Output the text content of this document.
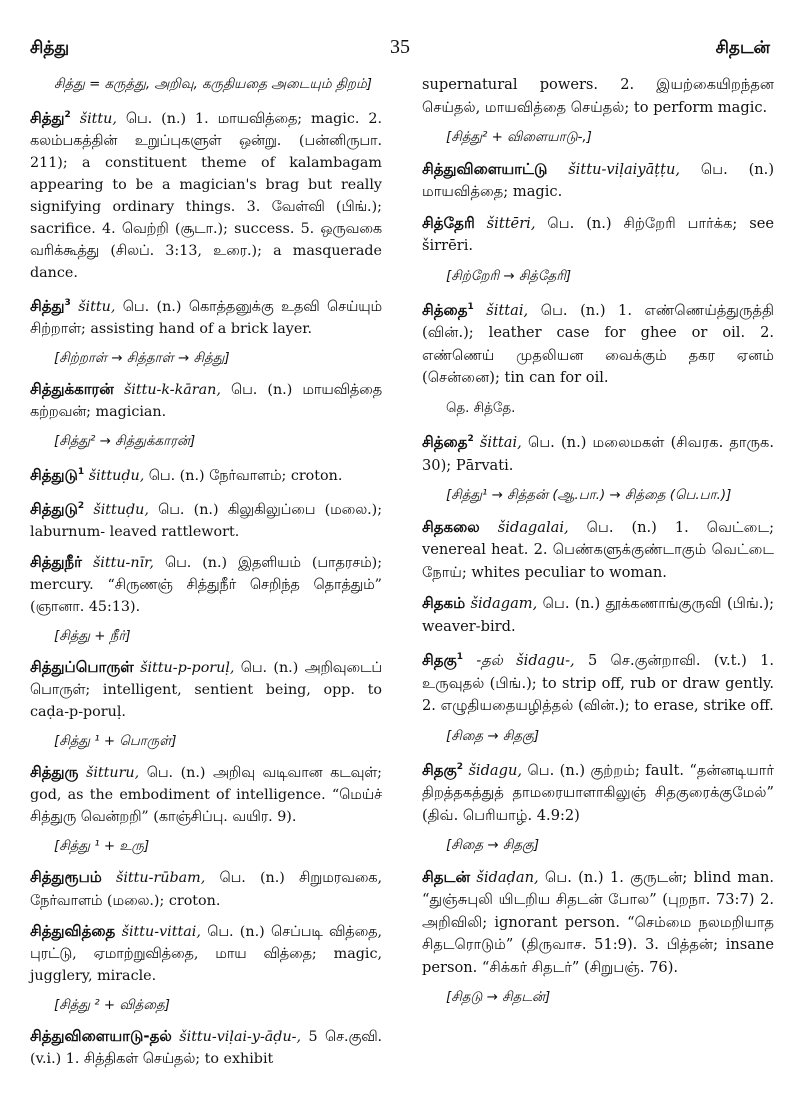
சித்து	35	சிதடன்
சித்து = கருத்து, அறிவு, கருதியதை அடையும் திறம்]
சித்து$^2$ šittu, பெ. (n.) 1. மாயவித்தை; magic. 2. கலம்பகத்தின் உறுப்புகளுள் ஒன்று. (பன்னிருபா. 211); a constituent theme of kalambagam appearing to be a magician's brag but really signifying ordinary things. 3. வேள்வி (பிங்.); sacrifice. 4. வெற்றி (சூடா.); success. 5. ஒருவகை வரிக்கூத்து (சிலப். 3:13, உரை.); a masquerade dance.
சித்து$^3$ šittu, பெ. (n.) கொத்தனுக்கு உதவி செய்யும் சிற்றாள்; assisting hand of a brick layer.
[சிற்றாள் → சித்தாள் → சித்து]
சித்துக்காரன் šittu-k-kāran, பெ. (n.) மாயவித்தை கற்றவன்; magician.
[சித்து² → சித்துக்காரன்]
சித்துடு$^1$ šittuḍu, பெ. (n.) நேர்வாளம்; croton.
சித்துடு$^2$ šittuḍu, பெ. (n.) கிலுகிலுப்பை (மலை.); laburnum- leaved rattlewort.
சித்துநீர் šittu-nīr, பெ. (n.) இதளியம் (பாதரசம்); mercury. “சிருணஞ் சித்துநீர் செறிந்த தொத்தும்” (ஞானா. 45:13).
[சித்து + நீர்]
சித்துப்பொருள் šittu-p-poruḷ, பெ. (n.) அறிவுடைப் பொருள்; intelligent, sentient being, opp. to caḍa-p-poruḷ.
[சித்து ¹ + பொருள்]
சித்துரு šitturu, பெ. (n.) அறிவு வடிவான கடவுள்; god, as the embodiment of intelligence. “மெய்ச் சித்துரு வென்றறி” (காஞ்சிப்பு. வயிர. 9).
[சித்து ¹ + உரு]
சித்துரூபம் šittu-rūbam, பெ. (n.) சிறுமரவகை, நேர்வாளம் (மலை.); croton.
சித்துவித்தை šittu-vittai, பெ. (n.) செப்படி வித்தை, புரட்டு, ஏமாற்றுவித்தை, மாய வித்தை; magic, jugglery, miracle.
[சித்து ² + வித்தை]
சித்துவிளையாடு-தல் šittu-viḷai-y-āḍu-, 5 செ.குவி. (v.i.) 1. சித்திகள் செய்தல்; to exhibit
supernatural powers. 2. இயற்கையிறந்தன செய்தல், மாயவித்தை செய்தல்; to perform magic.
[சித்து² + விளையாடு-,]
சித்துவிளையாட்டு šittu-viḷaiyāṭṭu, பெ. (n.) மாயவித்தை; magic.
சித்தேரி šittēri, பெ. (n.) சிற்றேரி பார்க்க; see širrēri.
[சிற்றேரி → சித்தேரி]
சித்தை$^1$ šittai, பெ. (n.) 1. எண்ணெய்த்துருத்தி (வின்.); leather case for ghee or oil. 2. எண்ணெய் முதலியன வைக்கும் தகர ஏனம் (சென்னை); tin can for oil.
தெ. சித்தே.
சித்தை$^2$ šittai, பெ. (n.) மலைமகள் (சிவரக. தாருக. 30); Pārvati.
[சித்து¹ → சித்தன் (ஆ.பா.) → சித்தை (பெ.பா.)]
சிதகலை šidagalai, பெ. (n.) 1. வெட்டை; venereal heat. 2. பெண்களுக்குண்டாகும் வெட்டை நோய்; whites peculiar to woman.
சிதகம் šidagam, பெ. (n.) தூக்கணாங்குருவி (பிங்.); weaver-bird.
சிதகு$^1$ -தல் šidagu-, 5 செ.குன்றாவி. (v.t.) 1. உருவுதல் (பிங்.); to strip off, rub or draw gently. 2. எழுதியதையழித்தல் (வின்.); to erase, strike off.
[சிதை → சிதகு]
சிதகு$^2$ šidagu, பெ. (n.) குற்றம்; fault. “தன்னடியார் திறத்தகத்துத் தாமரையாளாகிலுஞ் சிதகுரைக்குமேல்” (திவ். பெரியாழ். 4.9:2)
[சிதை → சிதகு]
சிதடன் šidaḍan, பெ. (n.) 1. குருடன்; blind man. “துஞ்சுபுலி யிடறிய சிதடன் போல” (புறநா. 73:7) 2. அறிவிலி; ignorant person. “செம்மை நலமறியாத சிதடரொடும்” (திருவாச. 51:9). 3. பித்தன்; insane person. “சிக்கர் சிதடர்” (சிறுபஞ். 76).
[சிதடு → சிதடன்]
